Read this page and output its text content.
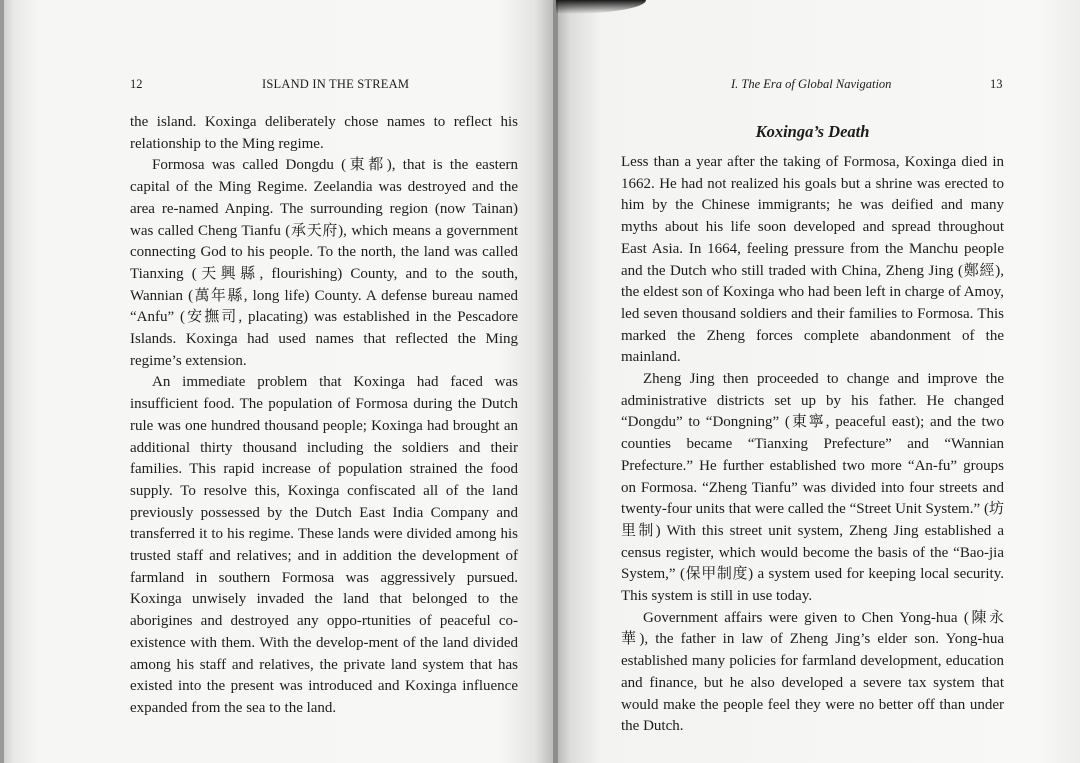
12	ISLAND IN THE STREAM	I. The Era of Global Navigation	13

the island. Koxinga deliberately chose names to reflect his relationship to the Ming regime.

Formosa was called Dongdu (東都), that is the eastern capital of the Ming Regime. Zeelandia was destroyed and the area re-named Anping. The surrounding region (now Tainan) was called Cheng Tianfu (承天府), which means a government connecting God to his people. To the north, the land was called Tianxing (天興縣, flourishing) County, and to the south, Wannian (萬年縣, long life) County. A defense bureau named “Anfu” (安撫司, placating) was established in the Pescadore Islands. Koxinga had used names that reflected the Ming regime’s extension.

An immediate problem that Koxinga had faced was insufficient food. The population of Formosa during the Dutch rule was one hundred thousand people; Koxinga had brought an additional thirty thousand including the soldiers and their families. This rapid increase of population strained the food supply. To resolve this, Koxinga confiscated all of the land previously possessed by the Dutch East India Company and transferred it to his regime. These lands were divided among his trusted staff and relatives; and in addition the development of farmland in southern Formosa was aggressively pursued. Koxinga unwisely invaded the land that belonged to the aborigines and destroyed any oppo-rtunities of peaceful co-existence with them. With the develop-ment of the land divided among his staff and relatives, the private land system that has existed into the present was introduced and Koxinga influence expanded from the sea to the land.

Koxinga’s Death

Less than a year after the taking of Formosa, Koxinga died in 1662. He had not realized his goals but a shrine was erected to him by the Chinese immigrants; he was deified and many myths about his life soon developed and spread throughout East Asia. In 1664, feeling pressure from the Manchu people and the Dutch who still traded with China, Zheng Jing (鄭經), the eldest son of Koxinga who had been left in charge of Amoy, led seven thousand soldiers and their families to Formosa. This marked the Zheng forces complete abandonment of the mainland.

Zheng Jing then proceeded to change and improve the administrative districts set up by his father. He changed “Dongdu” to “Dongning” (東寧, peaceful east); and the two counties became “Tianxing Prefecture” and “Wannian Prefecture.” He further established two more “An-fu” groups on Formosa. “Zheng Tianfu” was divided into four streets and twenty-four units that were called the “Street Unit System.” (坊里制) With this street unit system, Zheng Jing established a census register, which would become the basis of the “Bao-jia System,” (保甲制度) a system used for keeping local security. This system is still in use today.

Government affairs were given to Chen Yong-hua (陳永華), the father in law of Zheng Jing’s elder son. Yong-hua established many policies for farmland development, education and finance, but he also developed a severe tax system that would make the people feel they were no better off than under the Dutch.
